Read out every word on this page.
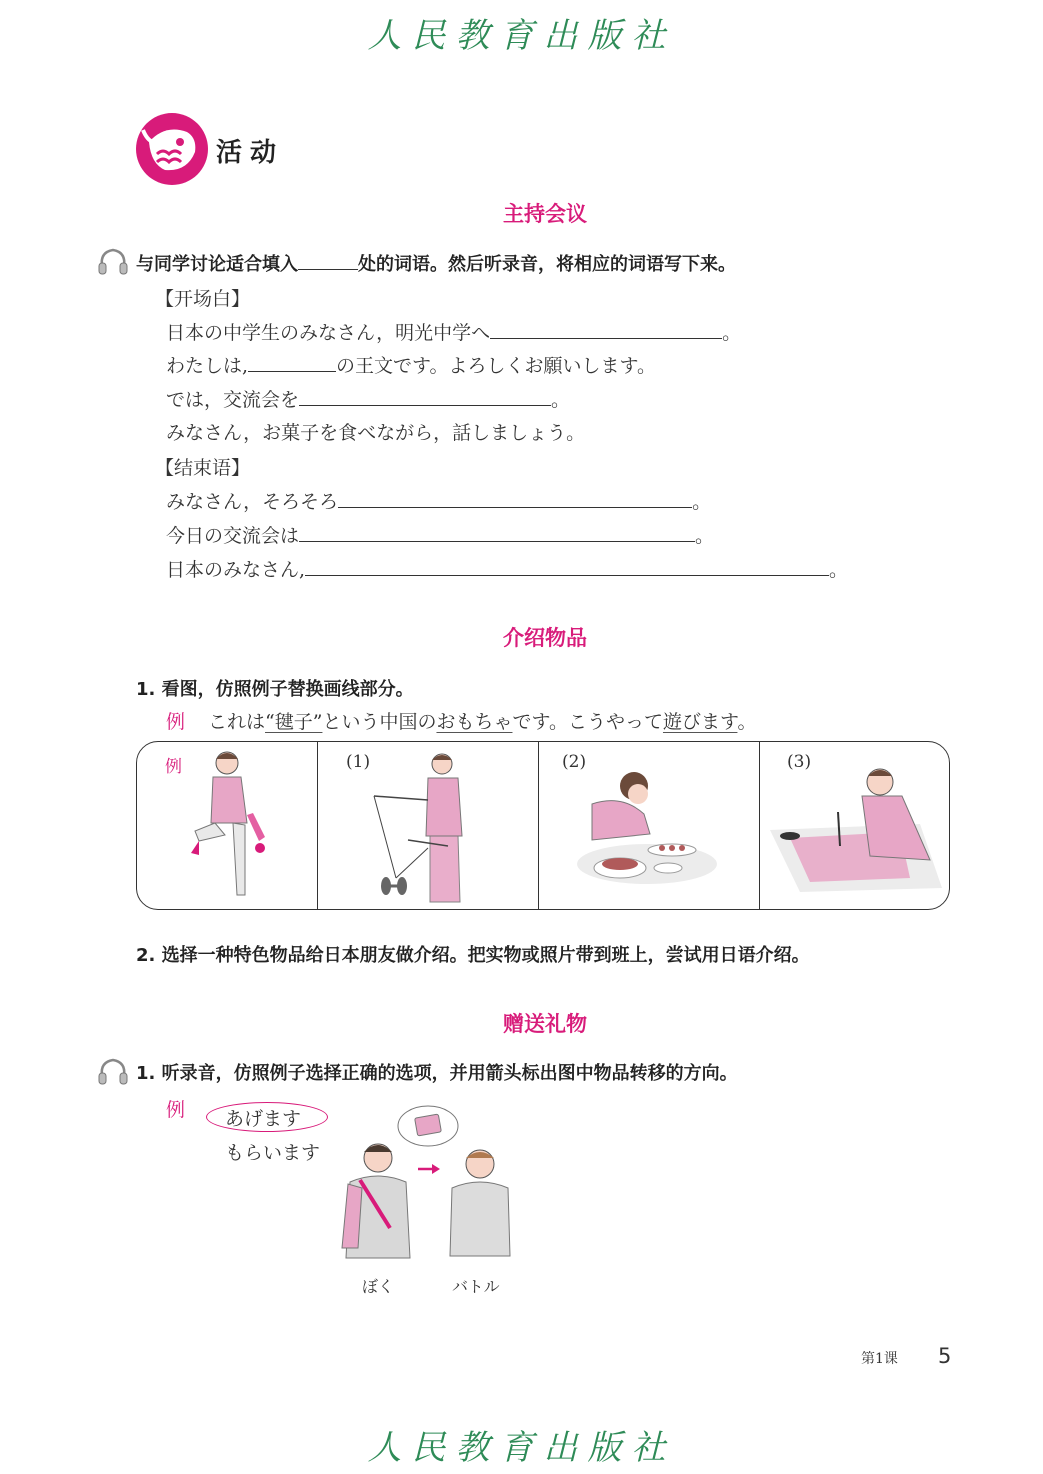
人民教育出版社
活动
主持会议
与同学讨论适合填入	处的词语。然后听录音，将相应的词语写下来。
【开场白】
日本の中学生のみなさん，明光中学へ	。
わたしは,	の王文です。よろしくお願いします。
では，交流会を	。
みなさん，お菓子を食べながら，話しましょう。
【结束语】
みなさん，そろそろ	。
今日の交流会は	。
日本のみなさん,	。
介绍物品
1. 看图，仿照例子替换画线部分。
例 これは“毽子”という中国のおもちゃです。こうやって遊びます。
例	(1)	(2)	(3)
2. 选择一种特色物品给日本朋友做介绍。把实物或照片带到班上，尝试用日语介绍。
赠送礼物
1. 听录音，仿照例子选择正确的选项，并用箭头标出图中物品转移的方向。
例 あげます
もらいます
ぼく	バトル
第1课 5
人民教育出版社
